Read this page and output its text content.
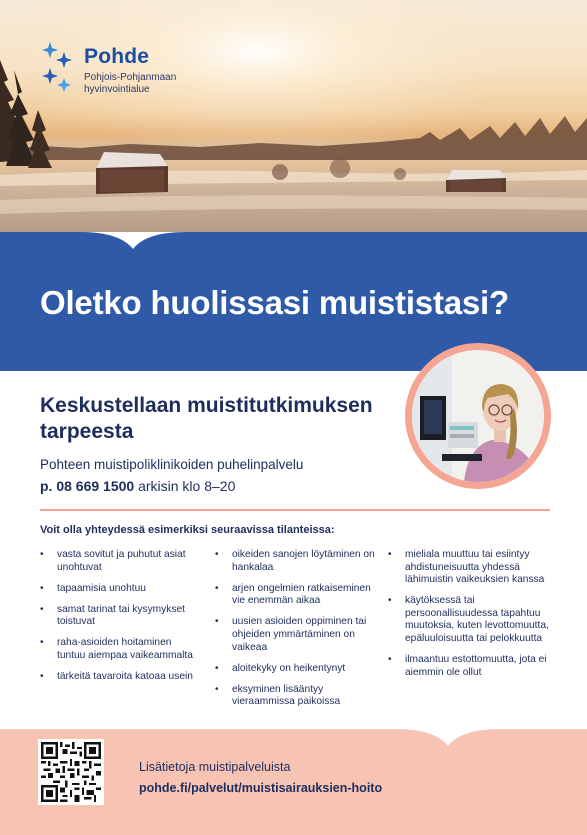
Pohde
Pohjois-Pohjanmaan
hyvinvointialue
Oletko huolissasi muististasi?
Keskustellaan muistitutkimuksen tarpeesta
Pohteen muistipoliklinikoiden puhelinpalvelu
p. 08 669 1500 arkisin klo 8–20
Voit olla yhteydessä esimerkiksi seuraavissa tilanteissa:
• vasta sovitut ja puhutut asiat unohtuvat
• tapaamisia unohtuu
• samat tarinat tai kysymykset toistuvat
• raha-asioiden hoitaminen tuntuu aiempaa vaikeammalta
• tärkeitä tavaroita katoaa usein
• oikeiden sanojen löytäminen on hankalaa
• arjen ongelmien ratkaiseminen vie enemmän aikaa
• uusien asioiden oppiminen tai ohjeiden ymmärtäminen on vaikeaa
• aloitekyky on heikentynyt
• eksyminen lisääntyy vieraammissa paikoissa
• mieliala muuttuu tai esiintyy ahdistuneisuutta yhdessä lähimuistin vaikeuksien kanssa
• käytöksessä tai persoonallisuudessa tapahtuu muutoksia, kuten levottomuutta, epäluuloisuutta tai pelokkuutta
• ilmaantuu estottomuutta, jota ei aiemmin ole ollut
Lisätietoja muistipalveluista
pohde.fi/palvelut/muistisairauksien-hoito
